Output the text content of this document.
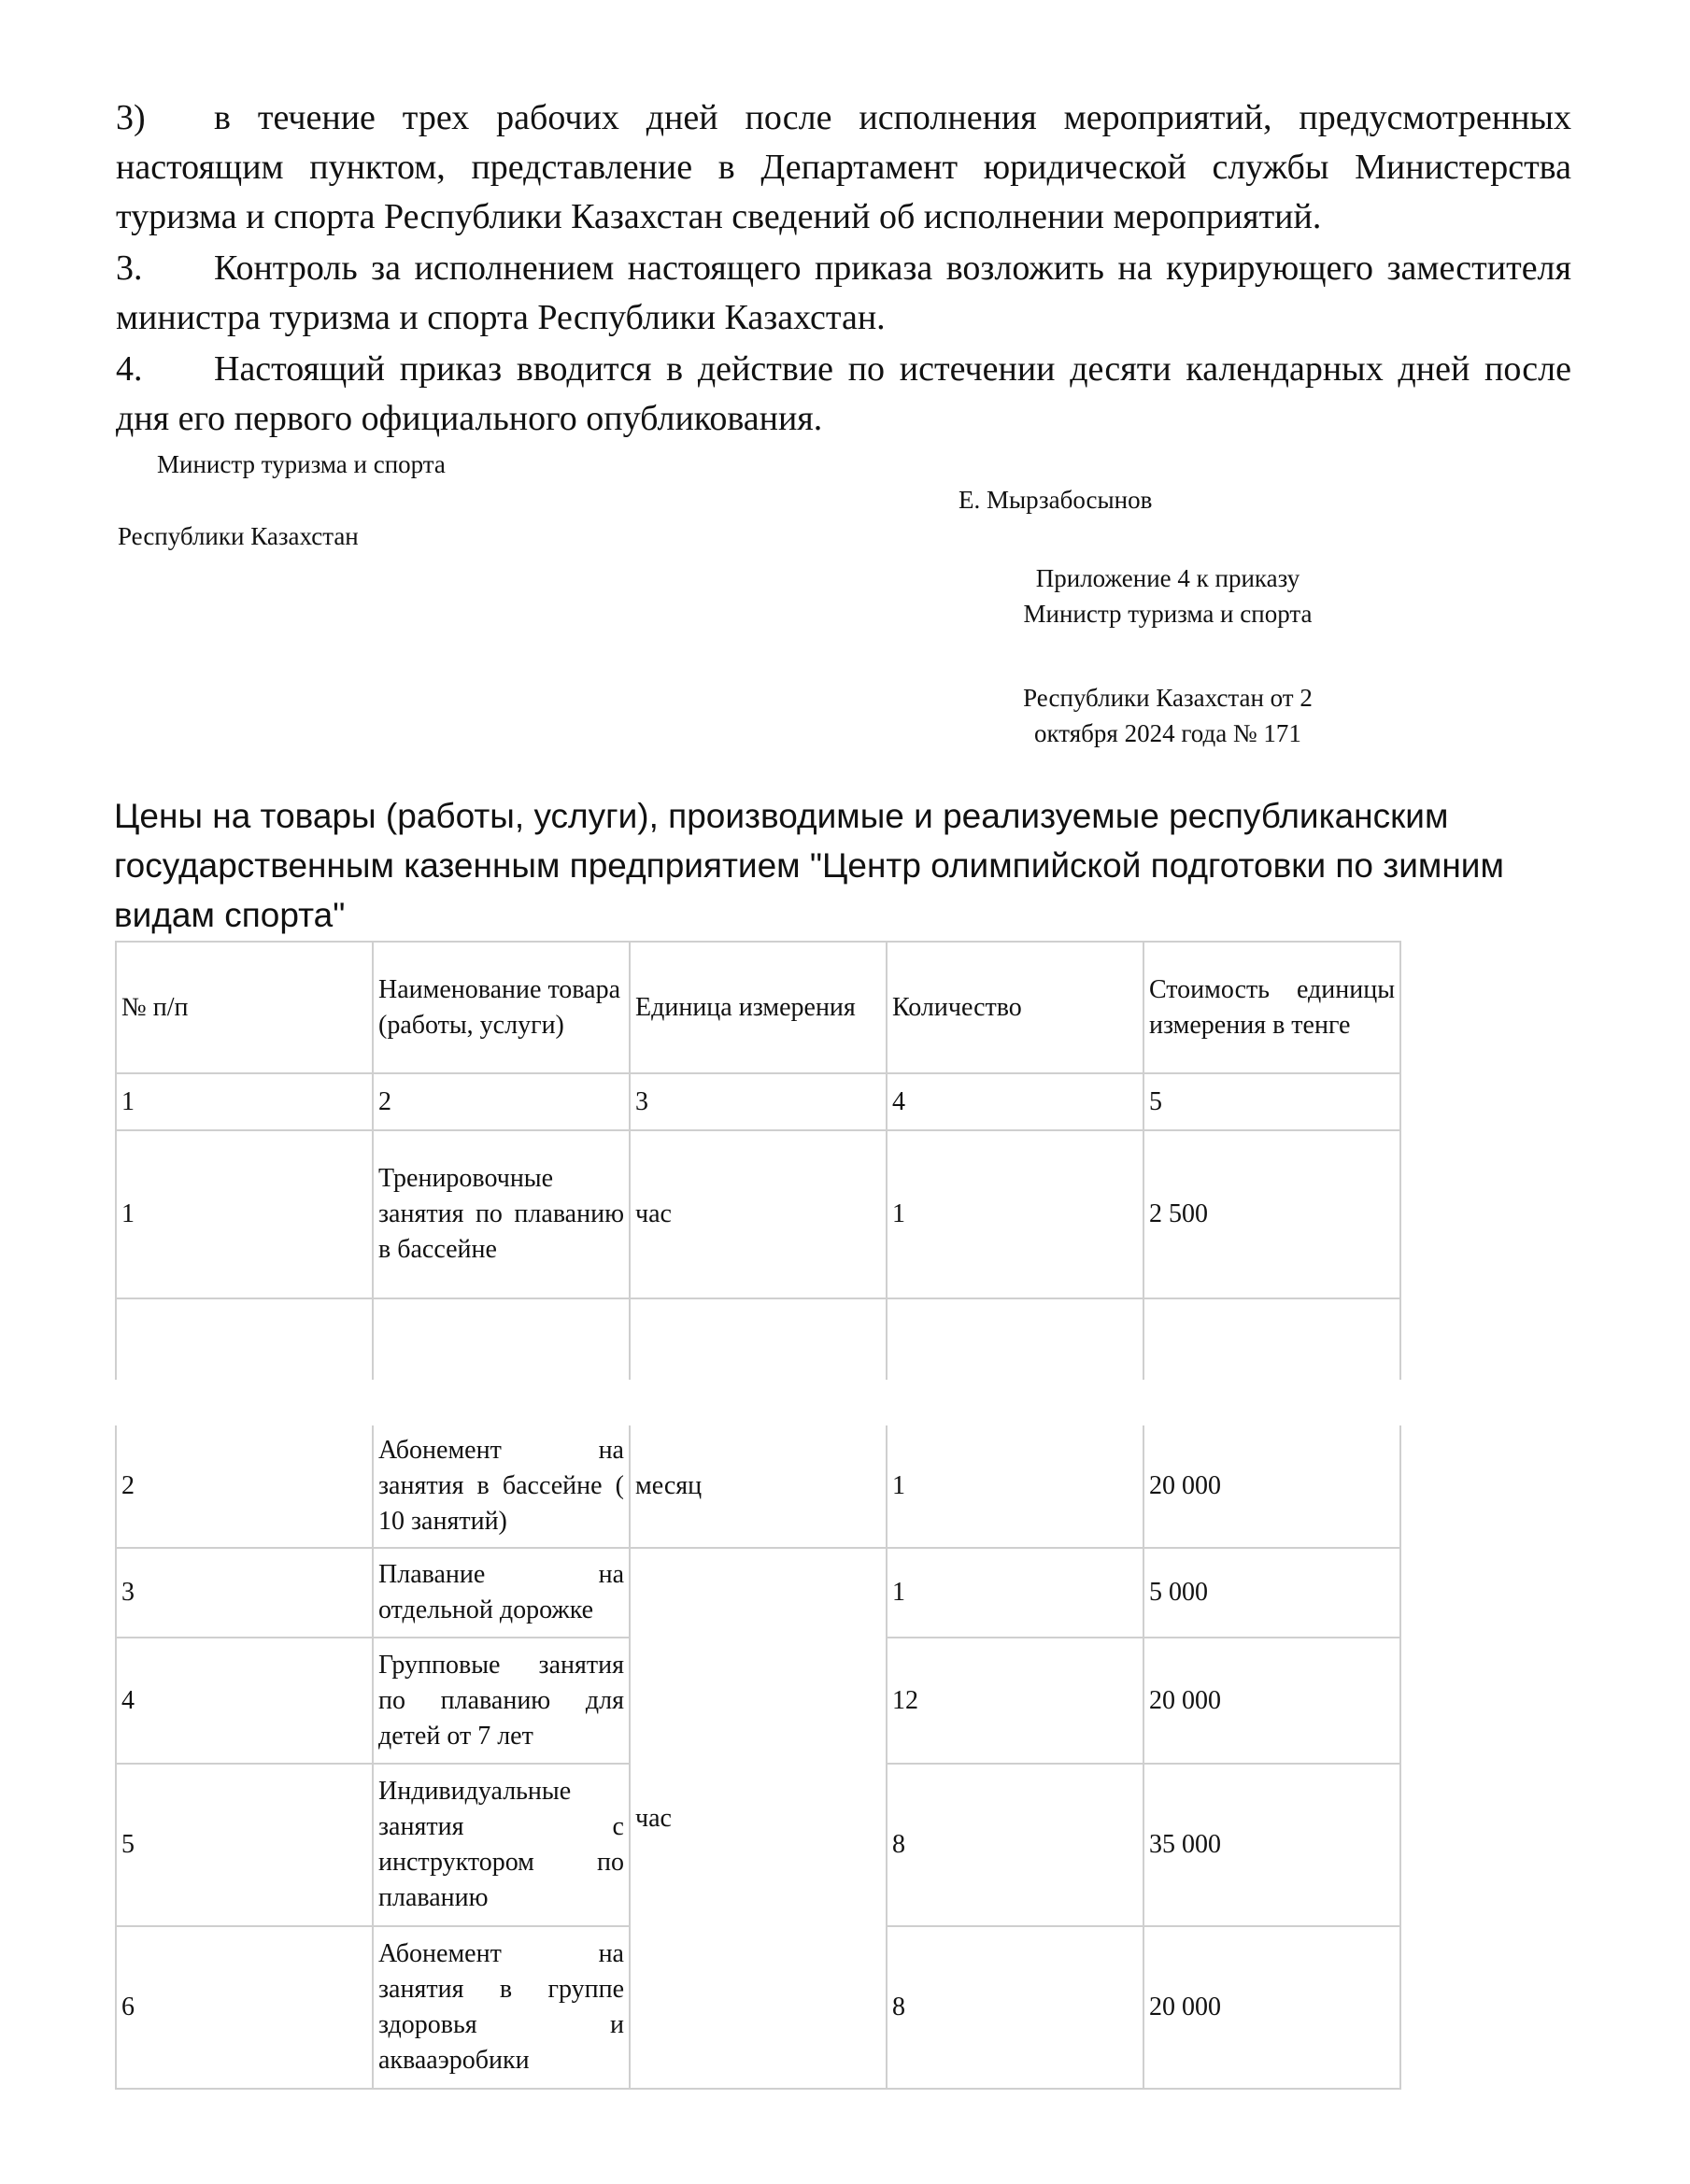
3) в течение трех рабочих дней после исполнения мероприятий, предусмотренных настоящим пунктом, представление в Департамент юридической службы Министерства туризма и спорта Республики Казахстан сведений об исполнении мероприятий.
3. Контроль за исполнением настоящего приказа возложить на курирующего заместителя министра туризма и спорта Республики Казахстан.
4. Настоящий приказ вводится в действие по истечении десяти календарных дней после дня его первого официального опубликования.
Министр туризма и спорта
Е. Мырзабосынов
Республики Казахстан
Приложение 4 к приказу
Министр туризма и спорта
Республики Казахстан от 2
октября 2024 года № 171
Цены на товары (работы, услуги), производимые и реализуемые республиканским государственным казенным предприятием "Центр олимпийской подготовки по зимним видам спорта"
№ п/п	Наименование товара (работы, услуги)	Единица измерения	Количество	Стоимость единицы измерения в тенге
1	2	3	4	5
1	Тренировочные занятия по плаванию в бассейне	час	1	2 500

2	Абонемент на занятия в бассейне ( 10 занятий)	месяц	1	20 000
3	Плавание на отдельной дорожке	час	1	5 000
4	Групповые занятия по плаванию для детей от 7 лет		12	20 000
5	Индивидуальные занятия с инструктором по плаванию		8	35 000
6	Абонемент на занятия в группе здоровья и аквааэробики		8	20 000
